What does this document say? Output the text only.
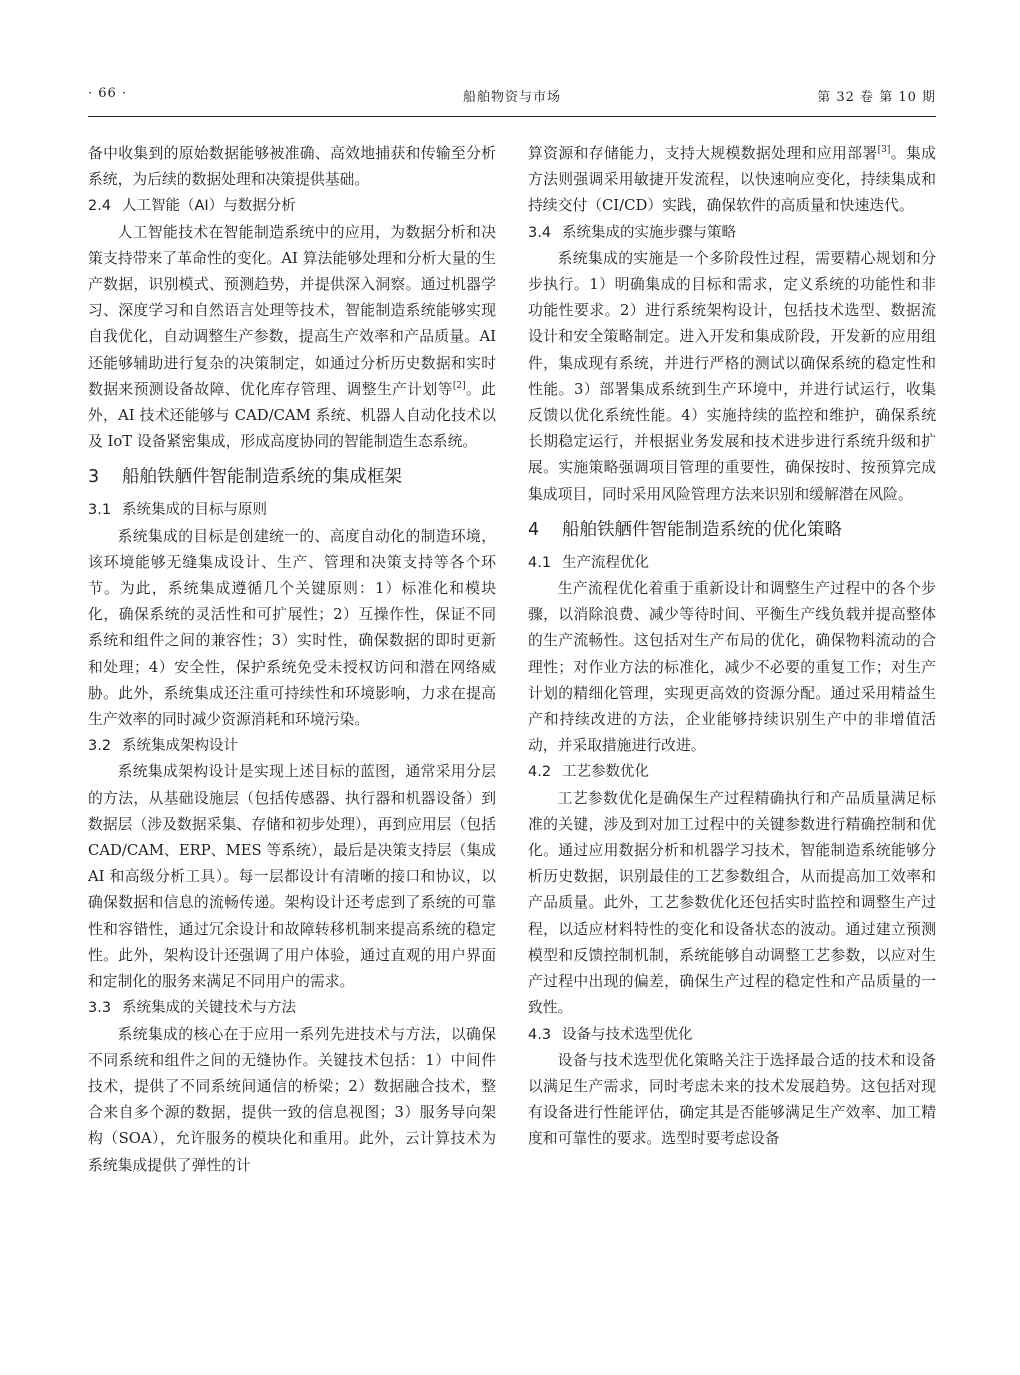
· 66 ·	船舶物资与市场	第 32 卷 第 10 期

备中收集到的原始数据能够被准确、高效地捕获和传输至分析系统，为后续的数据处理和决策提供基础。

2.4 人工智能（AI）与数据分析

人工智能技术在智能制造系统中的应用，为数据分析和决策支持带来了革命性的变化。AI 算法能够处理和分析大量的生产数据，识别模式、预测趋势，并提供深入洞察。通过机器学习、深度学习和自然语言处理等技术，智能制造系统能够实现自我优化，自动调整生产参数，提高生产效率和产品质量。AI 还能够辅助进行复杂的决策制定，如通过分析历史数据和实时数据来预测设备故障、优化库存管理、调整生产计划等[2]。此外，AI 技术还能够与 CAD/CAM 系统、机器人自动化技术以及 IoT 设备紧密集成，形成高度协同的智能制造生态系统。

3 船舶铁舾件智能制造系统的集成框架
3.1 系统集成的目标与原则

系统集成的目标是创建统一的、高度自动化的制造环境，该环境能够无缝集成设计、生产、管理和决策支持等各个环节。为此，系统集成遵循几个关键原则：1）标准化和模块化，确保系统的灵活性和可扩展性；2）互操作性，保证不同系统和组件之间的兼容性；3）实时性，确保数据的即时更新和处理；4）安全性，保护系统免受未授权访问和潜在网络威胁。此外，系统集成还注重可持续性和环境影响，力求在提高生产效率的同时减少资源消耗和环境污染。

3.2 系统集成架构设计

系统集成架构设计是实现上述目标的蓝图，通常采用分层的方法，从基础设施层（包括传感器、执行器和机器设备）到数据层（涉及数据采集、存储和初步处理），再到应用层（包括 CAD/CAM、ERP、MES 等系统），最后是决策支持层（集成 AI 和高级分析工具）。每一层都设计有清晰的接口和协议，以确保数据和信息的流畅传递。架构设计还考虑到了系统的可靠性和容错性，通过冗余设计和故障转移机制来提高系统的稳定性。此外，架构设计还强调了用户体验，通过直观的用户界面和定制化的服务来满足不同用户的需求。

3.3 系统集成的关键技术与方法

系统集成的核心在于应用一系列先进技术与方法，以确保不同系统和组件之间的无缝协作。关键技术包括：1）中间件技术，提供了不同系统间通信的桥梁；2）数据融合技术，整合来自多个源的数据，提供一致的信息视图；3）服务导向架构（SOA），允许服务的模块化和重用。此外，云计算技术为系统集成提供了弹性的计

算资源和存储能力，支持大规模数据处理和应用部署[3]。集成方法则强调采用敏捷开发流程，以快速响应变化，持续集成和持续交付（CI/CD）实践，确保软件的高质量和快速迭代。

3.4 系统集成的实施步骤与策略

系统集成的实施是一个多阶段性过程，需要精心规划和分步执行。1）明确集成的目标和需求，定义系统的功能性和非功能性要求。2）进行系统架构设计，包括技术选型、数据流设计和安全策略制定。进入开发和集成阶段，开发新的应用组件，集成现有系统，并进行严格的测试以确保系统的稳定性和性能。3）部署集成系统到生产环境中，并进行试运行，收集反馈以优化系统性能。4）实施持续的监控和维护，确保系统长期稳定运行，并根据业务发展和技术进步进行系统升级和扩展。实施策略强调项目管理的重要性，确保按时、按预算完成集成项目，同时采用风险管理方法来识别和缓解潜在风险。

4 船舶铁舾件智能制造系统的优化策略
4.1 生产流程优化

生产流程优化着重于重新设计和调整生产过程中的各个步骤，以消除浪费、减少等待时间、平衡生产线负载并提高整体的生产流畅性。这包括对生产布局的优化，确保物料流动的合理性；对作业方法的标准化，减少不必要的重复工作；对生产计划的精细化管理，实现更高效的资源分配。通过采用精益生产和持续改进的方法，企业能够持续识别生产中的非增值活动，并采取措施进行改进。

4.2 工艺参数优化

工艺参数优化是确保生产过程精确执行和产品质量满足标准的关键，涉及到对加工过程中的关键参数进行精确控制和优化。通过应用数据分析和机器学习技术，智能制造系统能够分析历史数据，识别最佳的工艺参数组合，从而提高加工效率和产品质量。此外，工艺参数优化还包括实时监控和调整生产过程，以适应材料特性的变化和设备状态的波动。通过建立预测模型和反馈控制机制，系统能够自动调整工艺参数，以应对生产过程中出现的偏差，确保生产过程的稳定性和产品质量的一致性。

4.3 设备与技术选型优化

设备与技术选型优化策略关注于选择最合适的技术和设备以满足生产需求，同时考虑未来的技术发展趋势。这包括对现有设备进行性能评估，确定其是否能够满足生产效率、加工精度和可靠性的要求。选型时要考虑设备
